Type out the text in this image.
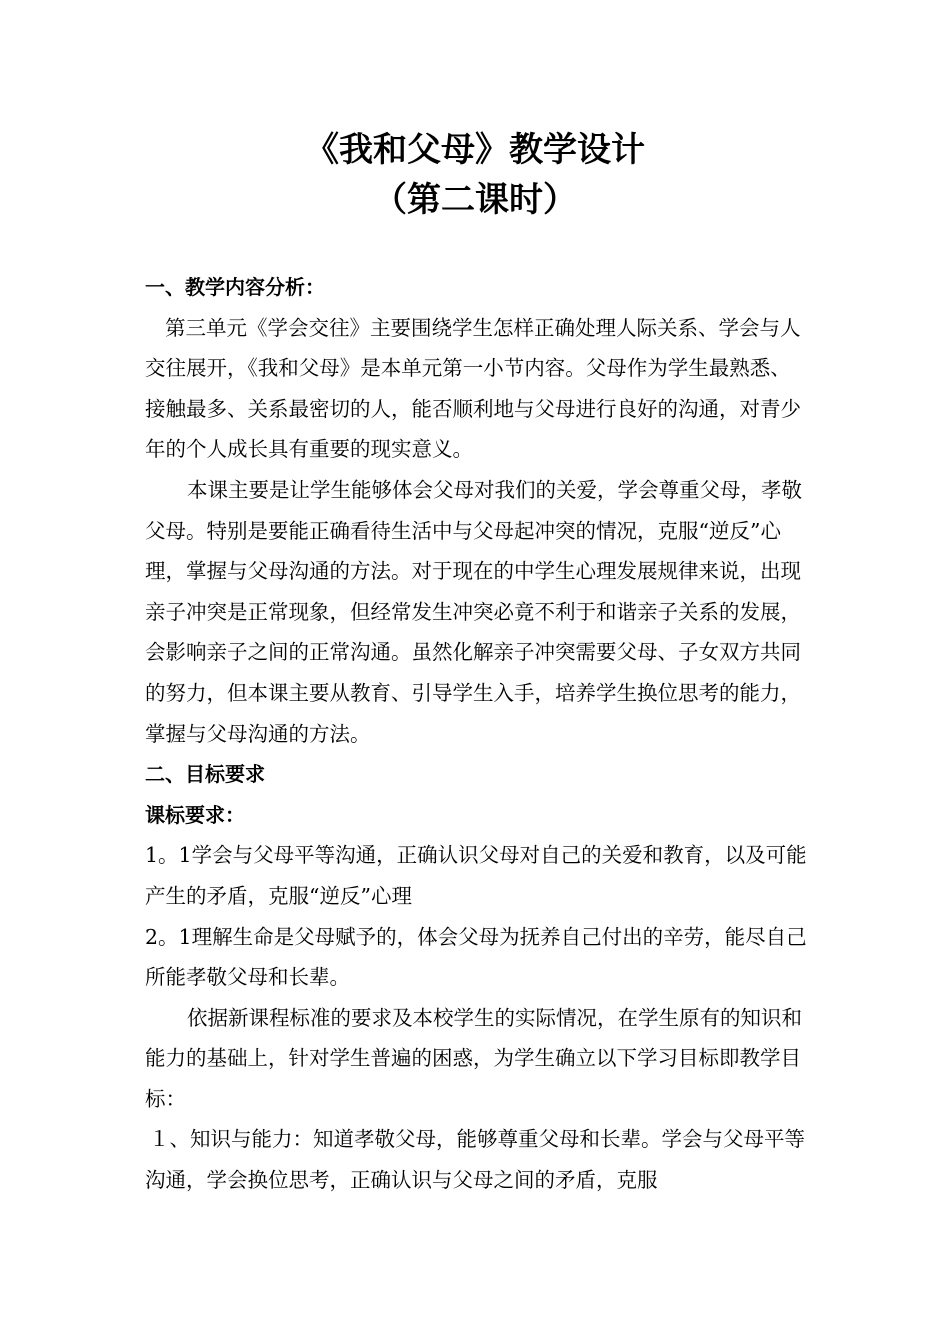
《我和父母》教学设计
（第二课时）

一、教学内容分析：

第三单元《学会交往》主要围绕学生怎样正确处理人际关系、学会与人交往展开，《我和父母》是本单元第一小节内容。父母作为学生最熟悉、接触最多、关系最密切的人，能否顺利地与父母进行良好的沟通，对青少年的个人成长具有重要的现实意义。

本课主要是让学生能够体会父母对我们的关爱，学会尊重父母，孝敬父母。特别是要能正确看待生活中与父母起冲突的情况，克服“逆反”心理，掌握与父母沟通的方法。对于现在的中学生心理发展规律来说，出现亲子冲突是正常现象，但经常发生冲突必竟不利于和谐亲子关系的发展，会影响亲子之间的正常沟通。虽然化解亲子冲突需要父母、子女双方共同的努力，但本课主要从教育、引导学生入手，培养学生换位思考的能力，掌握与父母沟通的方法。

二、目标要求

课标要求：

1。1学会与父母平等沟通，正确认识父母对自己的关爱和教育，以及可能产生的矛盾，克服“逆反”心理

2。1理解生命是父母赋予的，体会父母为抚养自己付出的辛劳，能尽自己所能孝敬父母和长辈。

依据新课程标准的要求及本校学生的实际情况，在学生原有的知识和能力的基础上，针对学生普遍的困惑，为学生确立以下学习目标即教学目标：

１、知识与能力：知道孝敬父母，能够尊重父母和长辈。学会与父母平等沟通，学会换位思考，正确认识与父母之间的矛盾，克服
